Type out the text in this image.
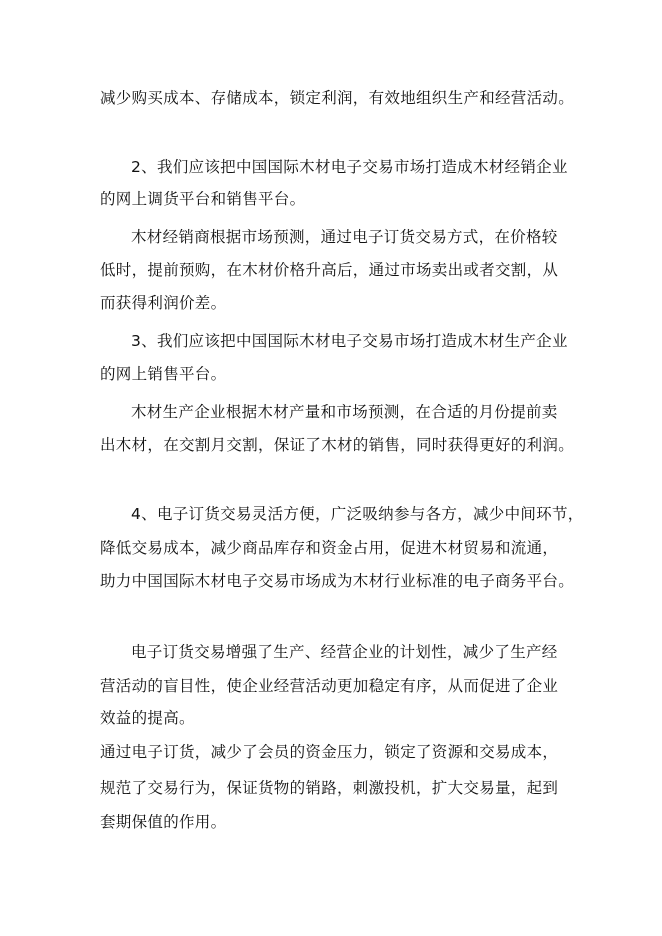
减少购买成本、存储成本，锁定利润，有效地组织生产和经营活动。
2、我们应该把中国国际木材电子交易市场打造成木材经销企业
的网上调货平台和销售平台。
木材经销商根据市场预测，通过电子订货交易方式，在价格较
低时，提前预购，在木材价格升高后，通过市场卖出或者交割，从
而获得利润价差。
3、我们应该把中国国际木材电子交易市场打造成木材生产企业
的网上销售平台。
木材生产企业根据木材产量和市场预测，在合适的月份提前卖
出木材，在交割月交割，保证了木材的销售，同时获得更好的利润。
4、电子订货交易灵活方便，广泛吸纳参与各方，减少中间环节，
降低交易成本，减少商品库存和资金占用，促进木材贸易和流通，
助力中国国际木材电子交易市场成为木材行业标准的电子商务平台。
电子订货交易增强了生产、经营企业的计划性，减少了生产经
营活动的盲目性，使企业经营活动更加稳定有序，从而促进了企业
效益的提高。
通过电子订货，减少了会员的资金压力，锁定了资源和交易成本，
规范了交易行为，保证货物的销路，刺激投机，扩大交易量，起到
套期保值的作用。
